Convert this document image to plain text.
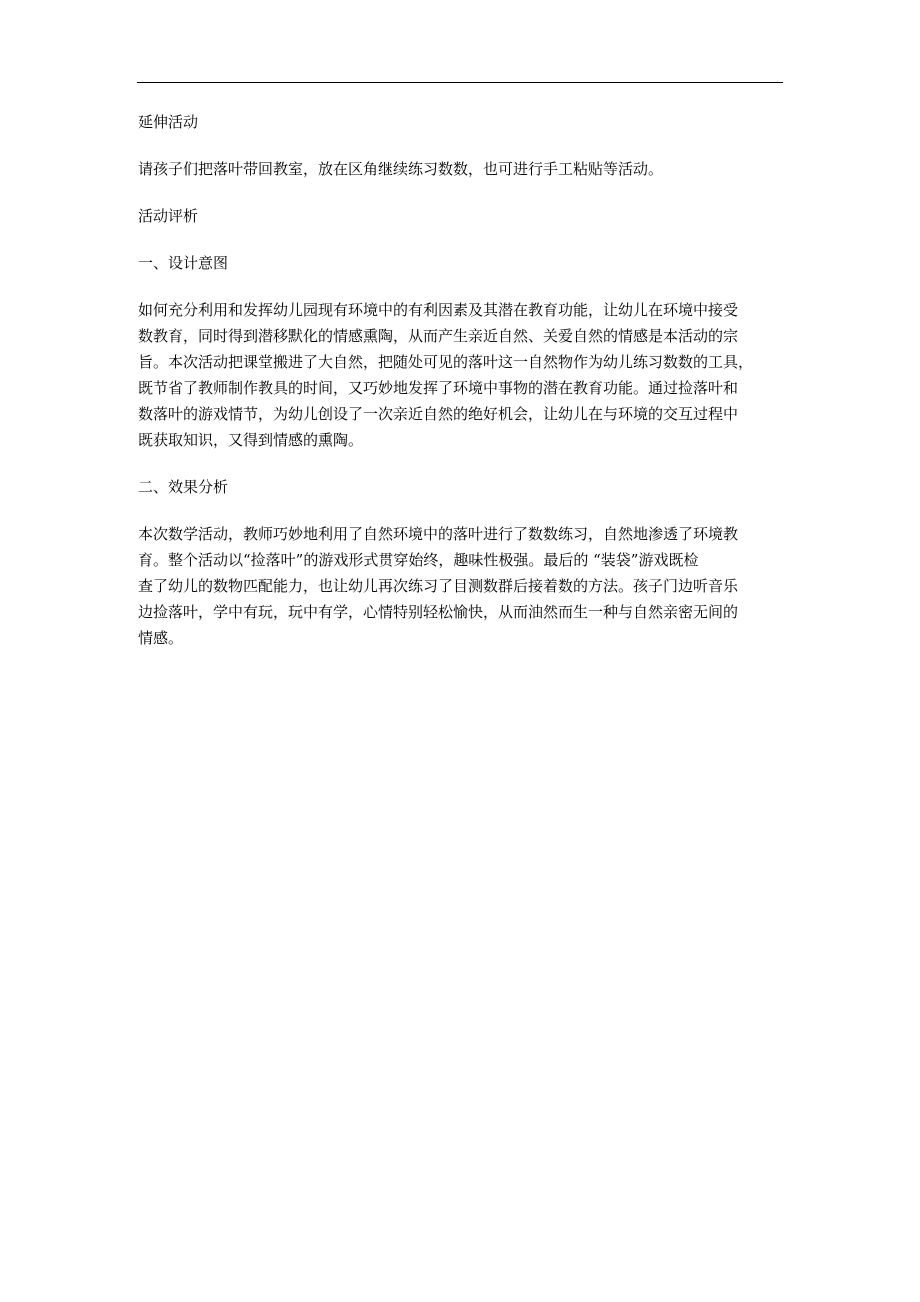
延伸活动

请孩子们把落叶带回教室，放在区角继续练习数数，也可进行手工粘贴等活动。

活动评析

一、设计意图

如何充分利用和发挥幼儿园现有环境中的有利因素及其潜在教育功能，让幼儿在环境中接受

数教育，同时得到潜移默化的情感熏陶，从而产生亲近自然、关爱自然的情感是本活动的宗

旨。本次活动把课堂搬进了大自然，把随处可见的落叶这一自然物作为幼儿练习数数的工具，

既节省了教师制作教具的时间，又巧妙地发挥了环境中事物的潜在教育功能。通过捡落叶和

数落叶的游戏情节，为幼儿创设了一次亲近自然的绝好机会，让幼儿在与环境的交互过程中

既获取知识，又得到情感的熏陶。

二、效果分析

本次数学活动，教师巧妙地利用了自然环境中的落叶进行了数数练习，自然地渗透了环境教

育。整个活动以“捡落叶”的游戏形式贯穿始终，趣味性极强。最后的 “装袋”游戏既检

查了幼儿的数物匹配能力，也让幼儿再次练习了目测数群后接着数的方法。孩子门边听音乐

边捡落叶，学中有玩，玩中有学，心情特别轻松愉快，从而油然而生一种与自然亲密无间的

情感。
